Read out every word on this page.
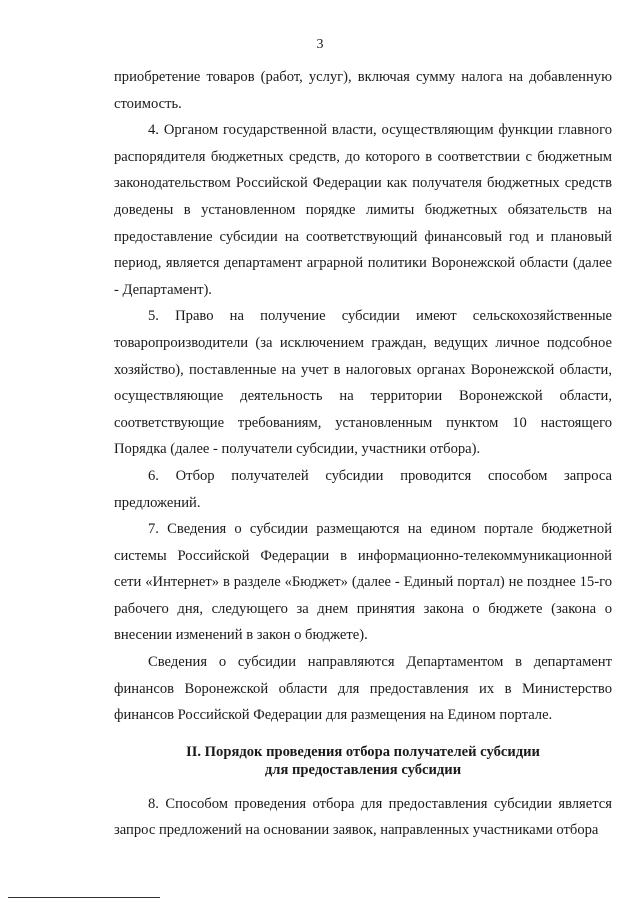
3

приобретение товаров (работ, услуг), включая сумму налога на добавленную стоимость.

4. Органом государственной власти, осуществляющим функции главного распорядителя бюджетных средств, до которого в соответствии с бюджетным законодательством Российской Федерации как получателя бюджетных средств доведены в установленном порядке лимиты бюджетных обязательств на предоставление субсидии на соответствующий финансовый год и плановый период, является департамент аграрной политики Воронежской области (далее - Департамент).

5. Право на получение субсидии имеют сельскохозяйственные товаропроизводители (за исключением граждан, ведущих личное подсобное хозяйство), поставленные на учет в налоговых органах Воронежской области, осуществляющие деятельность на территории Воронежской области, соответствующие требованиям, установленным пунктом 10 настоящего Порядка (далее - получатели субсидии, участники отбора).

6. Отбор получателей субсидии проводится способом запроса предложений.

7. Сведения о субсидии размещаются на едином портале бюджетной системы Российской Федерации в информационно-телекоммуникационной сети «Интернет» в разделе «Бюджет» (далее - Единый портал) не позднее 15-го рабочего дня, следующего за днем принятия закона о бюджете (закона о внесении изменений в закон о бюджете).

Сведения о субсидии направляются Департаментом в департамент финансов Воронежской области для предоставления их в Министерство финансов Российской Федерации для размещения на Едином портале.

II. Порядок проведения отбора получателей субсидии
для предоставления субсидии

8. Способом проведения отбора для предоставления субсидии является запрос предложений на основании заявок, направленных участниками отбора
